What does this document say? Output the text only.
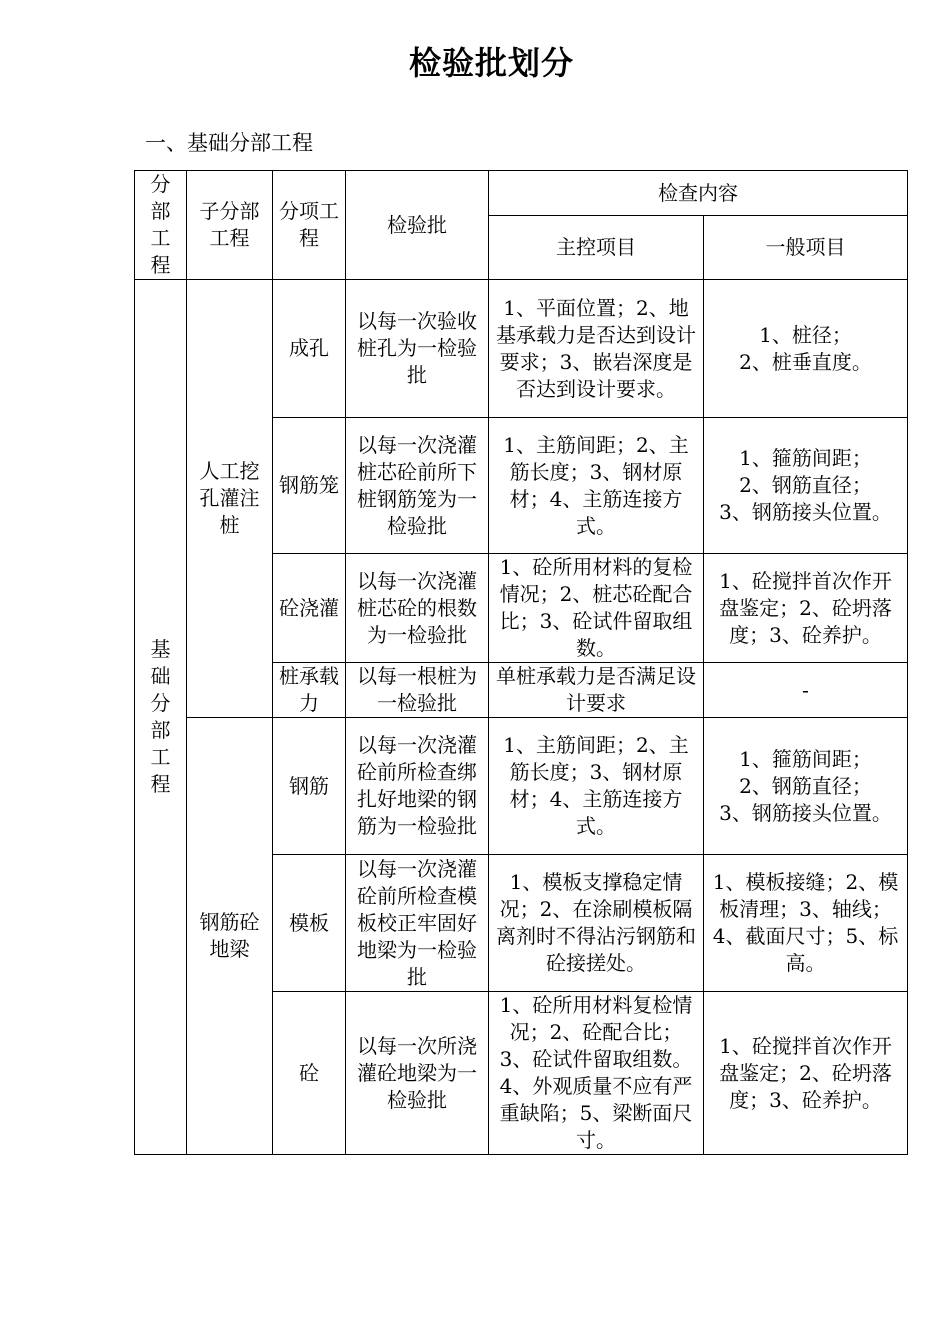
检验批划分
一、基础分部工程
分部工程	子分部工程	分项工程	检验批	检查内容	
				主控项目	一般项目
基础分部工程	人工挖孔灌注桩	成孔	以每一次验收桩孔为一检验批	1、平面位置；2、地基承载力是否达到设计要求；3、嵌岩深度是否达到设计要求。	1、桩径；
2、桩垂直度。
		钢筋笼	以每一次浇灌桩芯砼前所下桩钢筋笼为一检验批	1、主筋间距；2、主筋长度；3、钢材原材；4、主筋连接方式。	1、箍筋间距；
2、钢筋直径；
3、钢筋接头位置。
		砼浇灌	以每一次浇灌桩芯砼的根数为一检验批	1、砼所用材料的复检情况；2、桩芯砼配合比；3、砼试件留取组数。	1、砼搅拌首次作开盘鉴定；2、砼坍落度；3、砼养护。
		桩承载力	以每一根桩为一检验批	单桩承载力是否满足设计要求	-
	钢筋砼地梁	钢筋	以每一次浇灌砼前所检查绑扎好地梁的钢筋为一检验批	1、主筋间距；2、主筋长度；3、钢材原材；4、主筋连接方式。	1、箍筋间距；
2、钢筋直径；
3、钢筋接头位置。
		模板	以每一次浇灌砼前所检查模板校正牢固好地梁为一检验批	1、模板支撑稳定情况；2、在涂刷模板隔离剂时不得沾污钢筋和砼接搓处。	1、模板接缝；2、模板清理；3、轴线；4、截面尺寸；5、标高。
		砼	以每一次所浇灌砼地梁为一检验批	1、砼所用材料复检情况；2、砼配合比；3、砼试件留取组数。4、外观质量不应有严重缺陷；5、梁断面尺寸。	1、砼搅拌首次作开盘鉴定；2、砼坍落度；3、砼养护。
